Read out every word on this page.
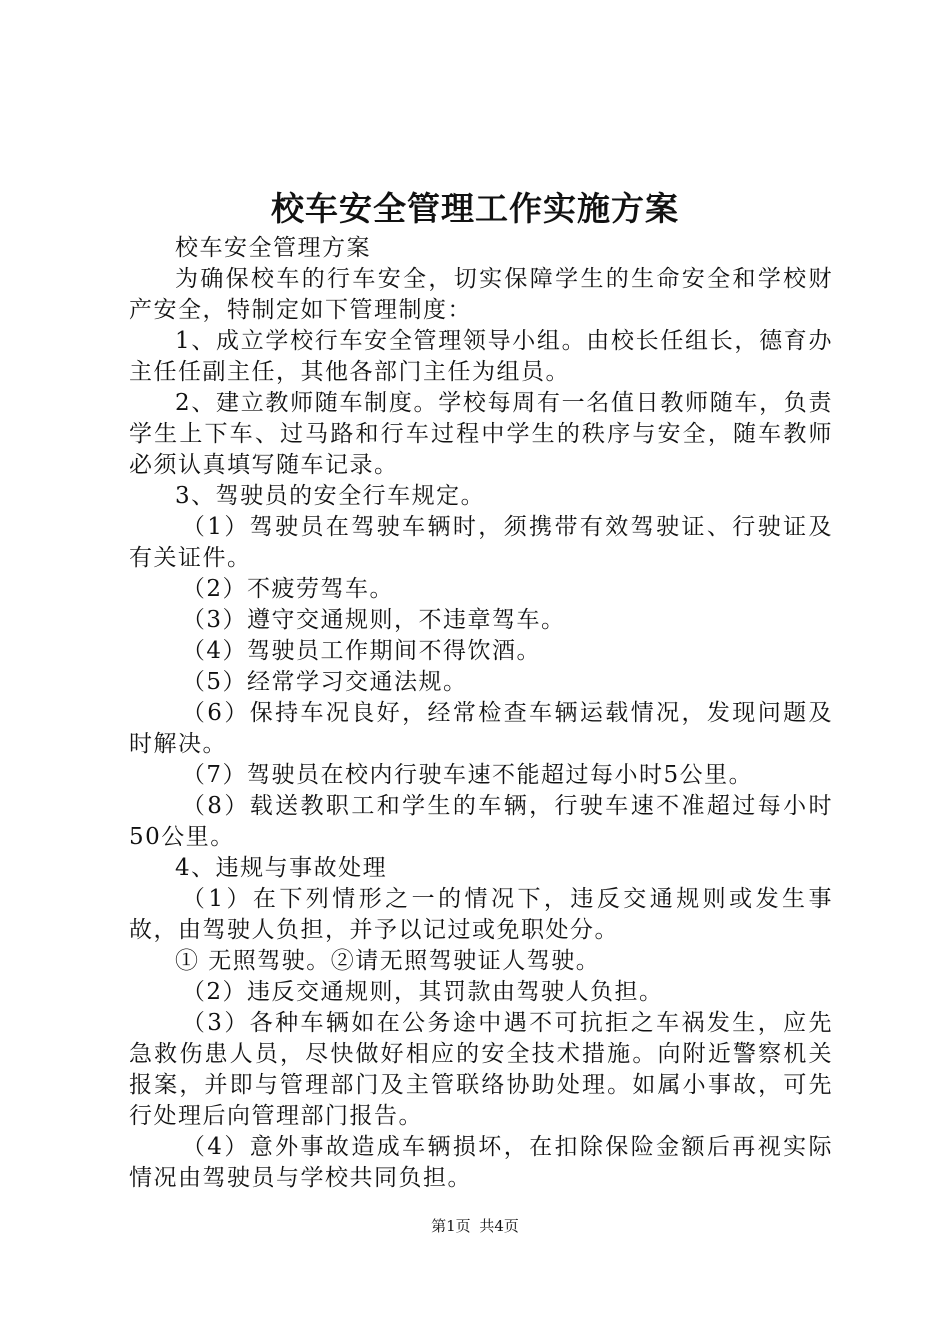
校车安全管理工作实施方案

校车安全管理方案

为确保校车的行车安全，切实保障学生的生命安全和学校财产安全，特制定如下管理制度：

1、成立学校行车安全管理领导小组。由校长任组长，德育办主任任副主任，其他各部门主任为组员。

2、建立教师随车制度。学校每周有一名值日教师随车，负责学生上下车、过马路和行车过程中学生的秩序与安全，随车教师必须认真填写随车记录。

3、驾驶员的安全行车规定。

（1）驾驶员在驾驶车辆时，须携带有效驾驶证、行驶证及有关证件。

（2）不疲劳驾车。

（3）遵守交通规则，不违章驾车。

（4）驾驶员工作期间不得饮酒。

（5）经常学习交通法规。

（6）保持车况良好，经常检查车辆运载情况，发现问题及时解决。

（7）驾驶员在校内行驶车速不能超过每小时5公里。

（8）载送教职工和学生的车辆，行驶车速不准超过每小时50公里。

4、违规与事故处理

（1）在下列情形之一的情况下，违反交通规则或发生事故，由驾驶人负担，并予以记过或免职处分。

① 无照驾驶。②请无照驾驶证人驾驶。

（2）违反交通规则，其罚款由驾驶人负担。

（3）各种车辆如在公务途中遇不可抗拒之车祸发生，应先急救伤患人员，尽快做好相应的安全技术措施。向附近警察机关报案，并即与管理部门及主管联络协助处理。如属小事故，可先行处理后向管理部门报告。

（4）意外事故造成车辆损坏，在扣除保险金额后再视实际情况由驾驶员与学校共同负担。

第1页 共4页
